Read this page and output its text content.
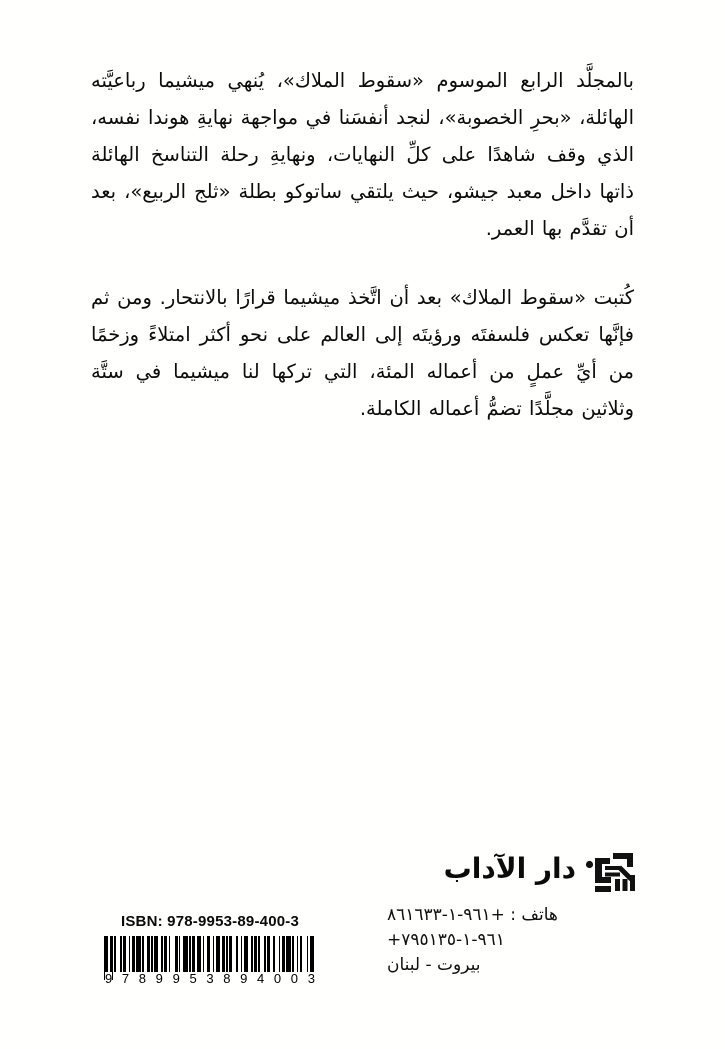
بالمجلَّد الرابع الموسوم «سقوط الملاك»، يُنهي ميشيما رباعيَّته الهائلة، «بحرِ الخصوبة»، لنجد أنفسَنا في مواجهة نهايةِ هوندا نفسه، الذي وقف شاهدًا على كلِّ النهايات، ونهايةِ رحلة التناسخ الهائلة ذاتها داخل معبد جيشو، حيث يلتقي ساتوكو بطلة «ثلج الربيع»، بعد أن تقدَّم بها العمر.

كُتبت «سقوط الملاك» بعد أن اتَّخذ ميشيما قرارًا بالانتحار. ومن ثم فإنَّها تعكس فلسفتَه ورؤيتَه إلى العالم على نحو أكثر امتلاءً وزخمًا من أيِّ عملٍ من أعماله المئة، التي تركها لنا ميشيما في ستَّة وثلاثين مجلَّدًا تضمُّ أعماله الكاملة.

دار الآداب
هاتف : +٩٦١-١-٨٦١٦٣٣
+٩٦١-١-٧٩٥١٣٥
بيروت - لبنان
ISBN: 978-9953-89-400-3
9 7 8 9 9 5 3 8 9 4 0 0 3
